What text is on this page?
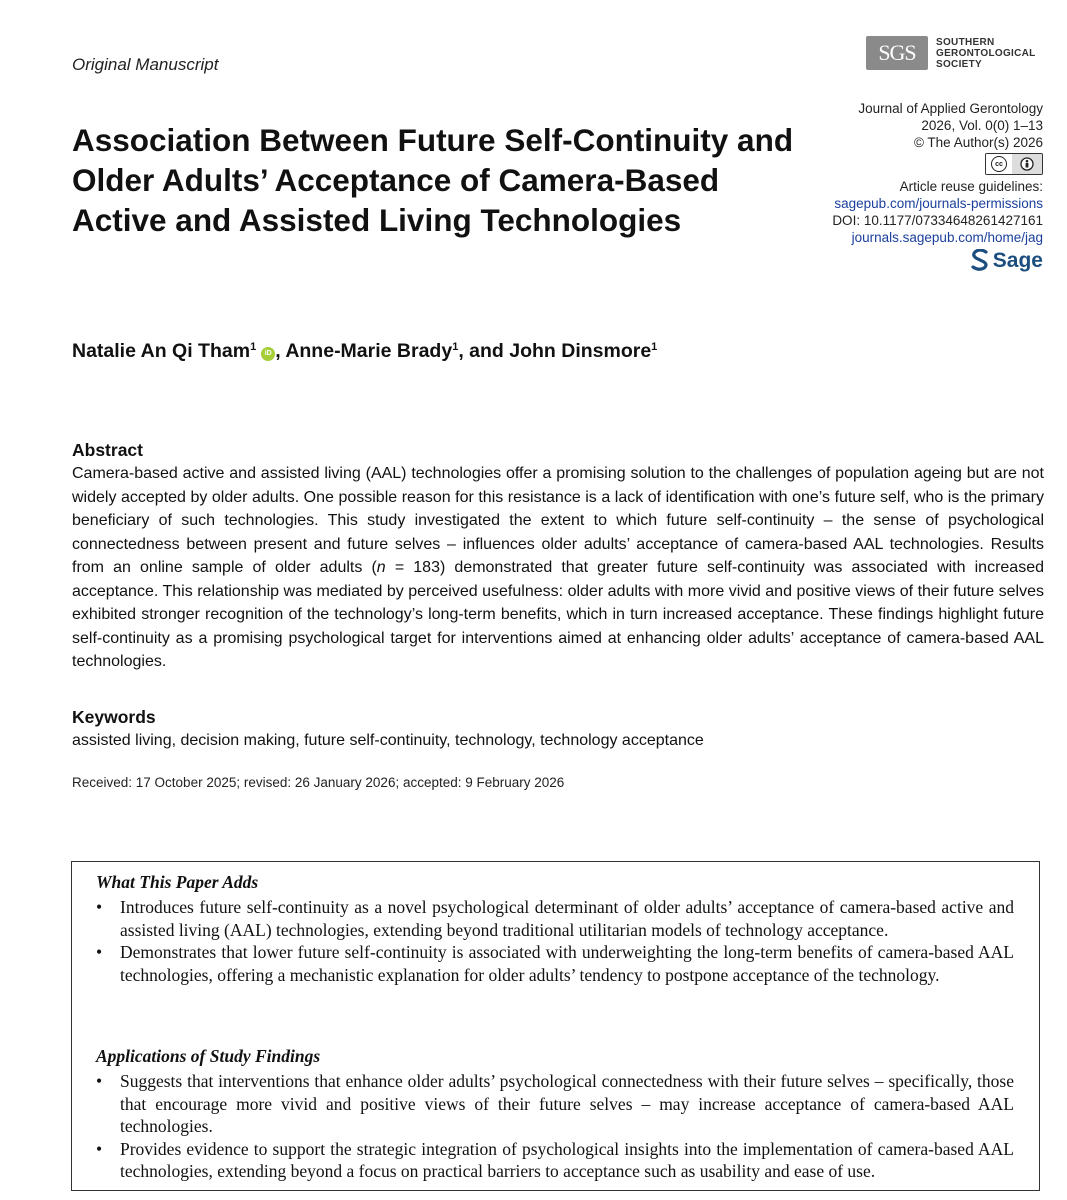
Original Manuscript	SGS	SOUTHERN
GERONTOLOGICAL
SOCIETY
Association Between Future Self-Continuity and Older Adults’ Acceptance of Camera-Based Active and Assisted Living Technologies
Journal of Applied Gerontology
2026, Vol. 0(0) 1–13
© The Author(s) 2026
cc
Article reuse guidelines:
sagepub.com/journals-permissions
DOI: 10.1177/07334648261427161
journals.sagepub.com/home/jag
Sage
Natalie An Qi Tham$^1$iD , Anne-Marie Brady$^1$, and John Dinsmore$^1$
Abstract
Camera-based active and assisted living (AAL) technologies offer a promising solution to the challenges of population ageing but are not widely accepted by older adults. One possible reason for this resistance is a lack of identification with one’s future self, who is the primary beneficiary of such technologies. This study investigated the extent to which future self-continuity – the sense of psychological connectedness between present and future selves – influences older adults’ acceptance of camera-based AAL technologies. Results from an online sample of older adults (n = 183) demonstrated that greater future self-continuity was associated with increased acceptance. This relationship was mediated by perceived usefulness: older adults with more vivid and positive views of their future selves exhibited stronger recognition of the technology’s long-term benefits, which in turn increased acceptance. These findings highlight future self-continuity as a promising psychological target for interventions aimed at enhancing older adults’ acceptance of camera-based AAL technologies.
Keywords
assisted living, decision making, future self-continuity, technology, technology acceptance
Received: 17 October 2025; revised: 26 January 2026; accepted: 9 February 2026
What This Paper Adds
• Introduces future self-continuity as a novel psychological determinant of older adults’ acceptance of camera-based active and assisted living (AAL) technologies, extending beyond traditional utilitarian models of technology acceptance.
• Demonstrates that lower future self-continuity is associated with underweighting the long-term benefits of camera-based AAL technologies, offering a mechanistic explanation for older adults’ tendency to postpone acceptance of the technology.
Applications of Study Findings
• Suggests that interventions that enhance older adults’ psychological connectedness with their future selves – specifically, those that encourage more vivid and positive views of their future selves – may increase acceptance of camera-based AAL technologies.
• Provides evidence to support the strategic integration of psychological insights into the implementation of camera-based AAL technologies, extending beyond a focus on practical barriers to acceptance such as usability and ease of use.
